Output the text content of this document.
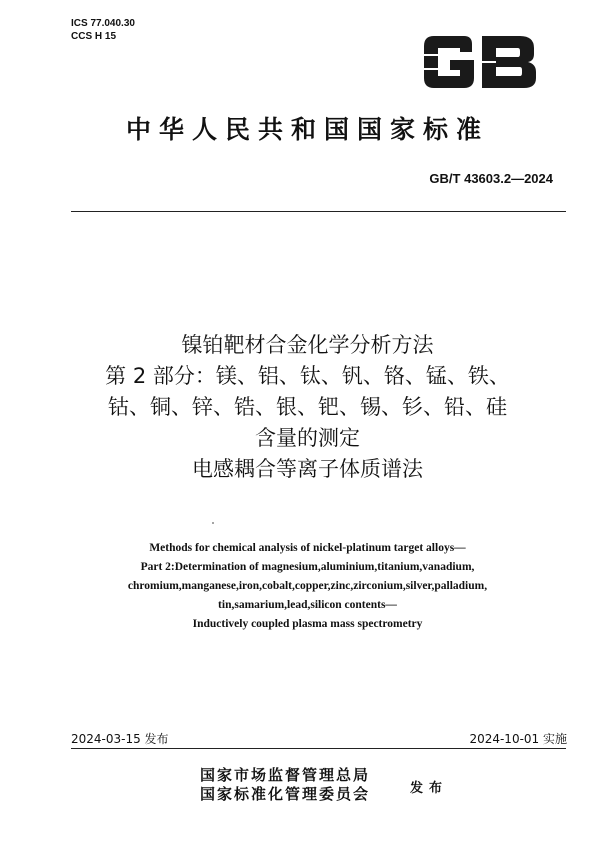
ICS 77.040.30
CCS H 15
中华人民共和国国家标准
GB/T 43603.2—2024
镍铂靶材合金化学分析方法
第 2 部分：镁、铝、钛、钒、铬、锰、铁、
钴、铜、锌、锆、银、钯、锡、钐、铅、硅
含量的测定
电感耦合等离子体质谱法
Methods for chemical analysis of nickel-platinum target alloys—
Part 2:Determination of magnesium,aluminium,titanium,vanadium,
chromium,manganese,iron,cobalt,copper,zinc,zirconium,silver,palladium,
tin,samarium,lead,silicon contents—
Inductively coupled plasma mass spectrometry
2024-03-15 发布	2024-10-01 实施
国家市场监督管理总局
国家标准化管理委员会	发布
